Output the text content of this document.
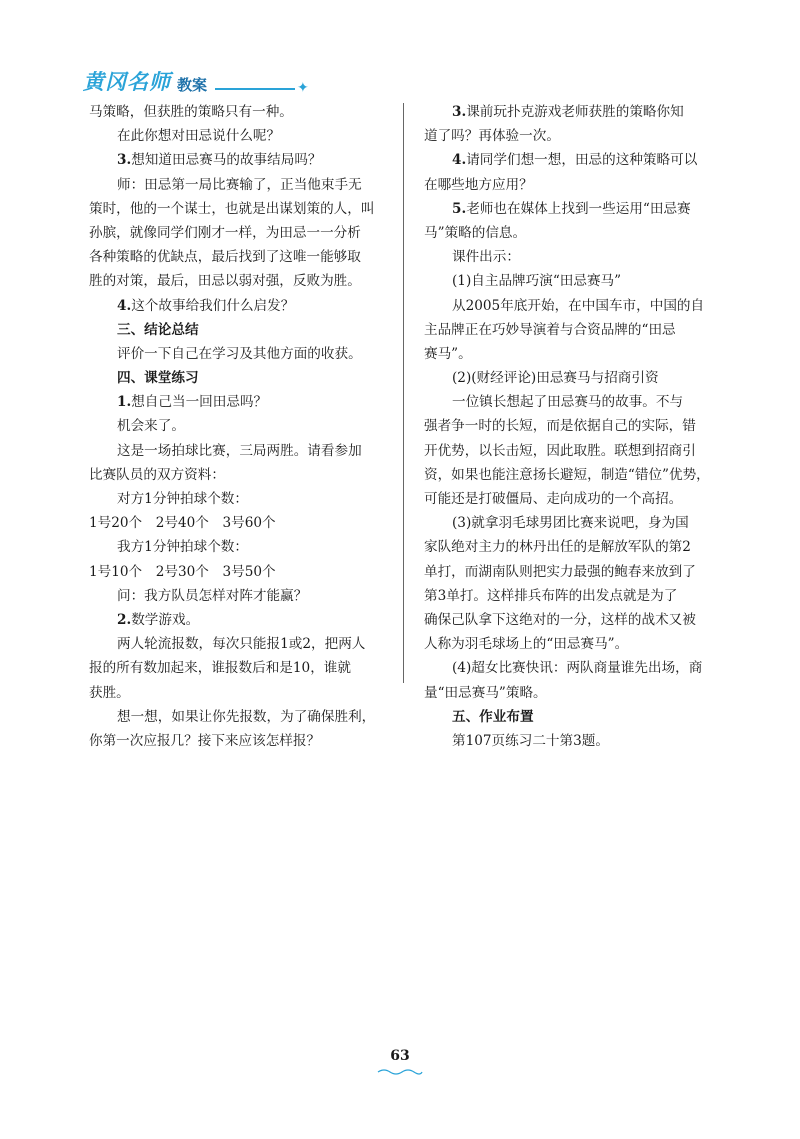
黄冈名师 教案	✦
马策略，但获胜的策略只有一种。
在此你想对田忌说什么呢？
3.想知道田忌赛马的故事结局吗？
师：田忌第一局比赛输了，正当他束手无
策时，他的一个谋士，也就是出谋划策的人，叫
孙膑，就像同学们刚才一样，为田忌一一分析
各种策略的优缺点，最后找到了这唯一能够取
胜的对策，最后，田忌以弱对强，反败为胜。
4.这个故事给我们什么启发？
三、结论总结
评价一下自己在学习及其他方面的收获。
四、课堂练习
1.想自己当一回田忌吗？
机会来了。
这是一场拍球比赛，三局两胜。请看参加
比赛队员的双方资料：
对方1分钟拍球个数：
1号20个　2号40个　3号60个
我方1分钟拍球个数：
1号10个　2号30个　3号50个
问：我方队员怎样对阵才能赢？
2.数学游戏。
两人轮流报数，每次只能报1或2，把两人
报的所有数加起来，谁报数后和是10，谁就
获胜。
想一想，如果让你先报数，为了确保胜利，
你第一次应报几？接下来应该怎样报？
3.课前玩扑克游戏老师获胜的策略你知
道了吗？再体验一次。
4.请同学们想一想，田忌的这种策略可以
在哪些地方应用？
5.老师也在媒体上找到一些运用“田忌赛
马”策略的信息。
课件出示：
(1)自主品牌巧演“田忌赛马”
从2005年底开始，在中国车市，中国的自
主品牌正在巧妙导演着与合资品牌的“田忌
赛马”。
(2)(财经评论)田忌赛马与招商引资
一位镇长想起了田忌赛马的故事。不与
强者争一时的长短，而是依据自己的实际，错
开优势，以长击短，因此取胜。联想到招商引
资，如果也能注意扬长避短，制造“错位”优势，
可能还是打破僵局、走向成功的一个高招。
(3)就拿羽毛球男团比赛来说吧，身为国
家队绝对主力的林丹出任的是解放军队的第2
单打，而湖南队则把实力最强的鲍春来放到了
第3单打。这样排兵布阵的出发点就是为了
确保己队拿下这绝对的一分，这样的战术又被
人称为羽毛球场上的“田忌赛马”。
(4)超女比赛快讯：两队商量谁先出场，商
量“田忌赛马”策略。
五、作业布置
第107页练习二十第3题。
63
